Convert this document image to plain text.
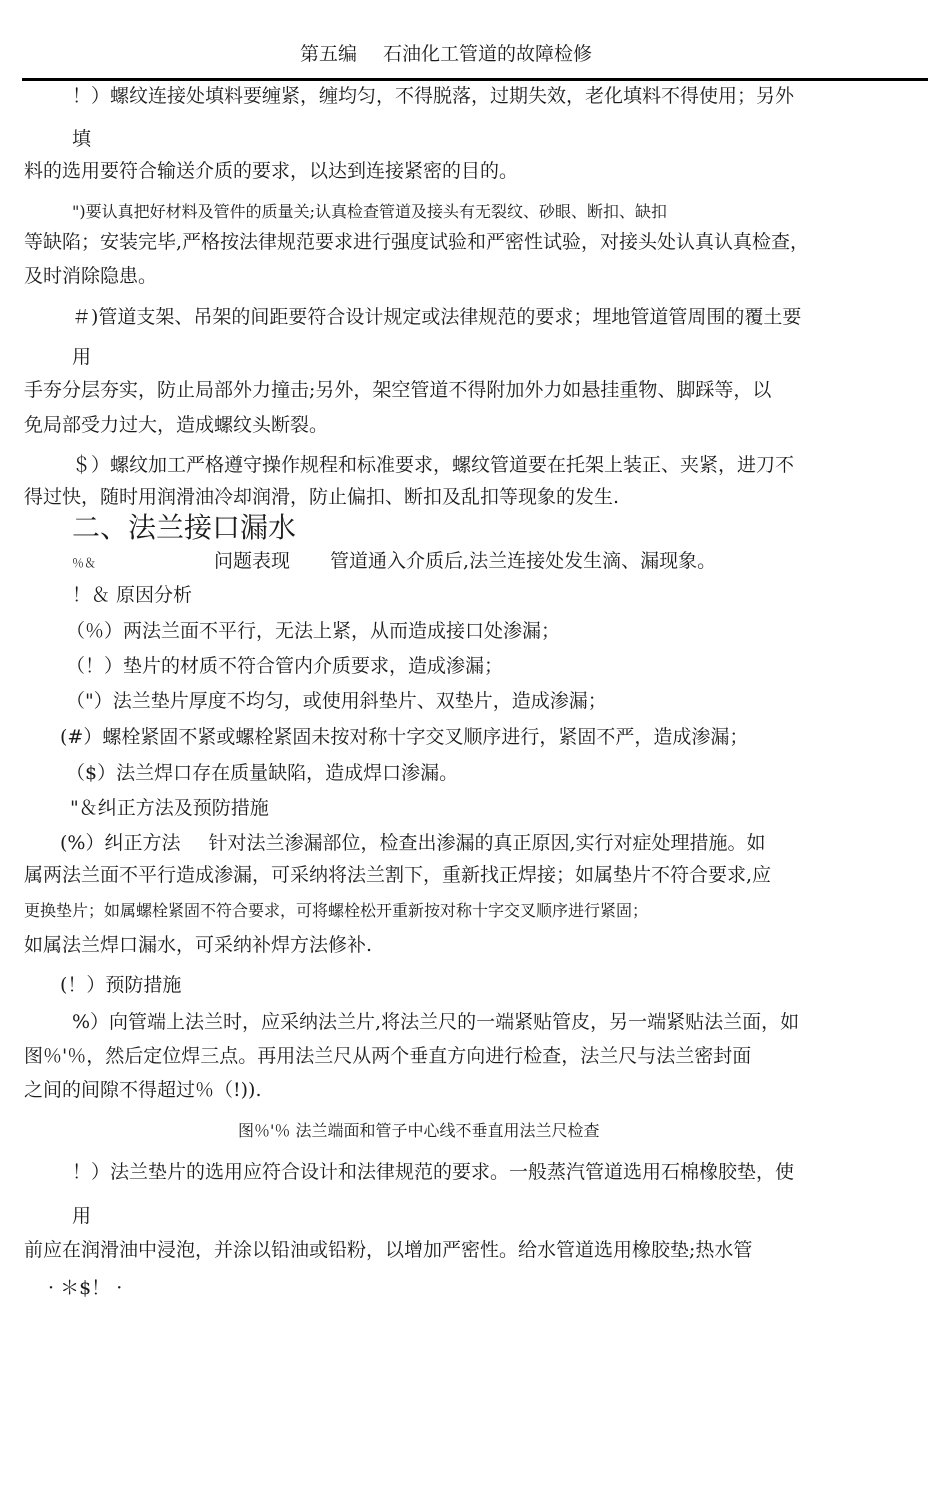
第五编 石油化工管道的故障检修
！）螺纹连接处填料要缠紧，缠均匀，不得脱落，过期失效，老化填料不得使用；另外
填
料的选用要符合输送介质的要求，以达到连接紧密的目的。
")要认真把好材料及管件的质量关;认真检查管道及接头有无裂纹、砂眼、断扣、缺扣
等缺陷；安装完毕,严格按法律规范要求进行强度试验和严密性试验，对接头处认真认真检查，
及时消除隐患。
＃)管道支架、吊架的间距要符合设计规定或法律规范的要求；埋地管道管周围的覆土要
用
手夯分层夯实，防止局部外力撞击;另外，架空管道不得附加外力如悬挂重物、脚踩等，以
免局部受力过大，造成螺纹头断裂。
＄）螺纹加工严格遵守操作规程和标准要求，螺纹管道要在托架上装正、夹紧，进刀不
得过快，随时用润滑油冷却润滑，防止偏扣、断扣及乱扣等现象的发生.
二、法兰接口漏水
％＆	问题表现 管道通入介质后,法兰连接处发生滴、漏现象。
！＆ 原因分析
（％）两法兰面不平行，无法上紧，从而造成接口处渗漏；
（！）垫片的材质不符合管内介质要求，造成渗漏；
（"）法兰垫片厚度不均匀，或使用斜垫片、双垫片，造成渗漏；
(#）螺栓紧固不紧或螺栓紧固未按对称十字交叉顺序进行，紧固不严，造成渗漏；
（$）法兰焊口存在质量缺陷，造成焊口渗漏。
"＆纠正方法及预防措施
(%）纠正方法 针对法兰渗漏部位，检查出渗漏的真正原因,实行对症处理措施。如
属两法兰面不平行造成渗漏，可采纳将法兰割下，重新找正焊接；如属垫片不符合要求,应
更换垫片；如属螺栓紧固不符合要求，可将螺栓松开重新按对称十字交叉顺序进行紧固；
如属法兰焊口漏水，可采纳补焊方法修补.
(！）预防措施
%）向管端上法兰时，应采纳法兰片,将法兰尺的一端紧贴管皮，另一端紧贴法兰面，如
图％'％，然后定位焊三点。再用法兰尺从两个垂直方向进行检查，法兰尺与法兰密封面
之间的间隙不得超过％（!)).
图％'％ 法兰端面和管子中心线不垂直用法兰尺检查
！）法兰垫片的选用应符合设计和法律规范的要求。一般蒸汽管道选用石棉橡胶垫，使
用
前应在润滑油中浸泡，并涂以铅油或铅粉，以增加严密性。给水管道选用橡胶垫;热水管
· ＊$！ ·
